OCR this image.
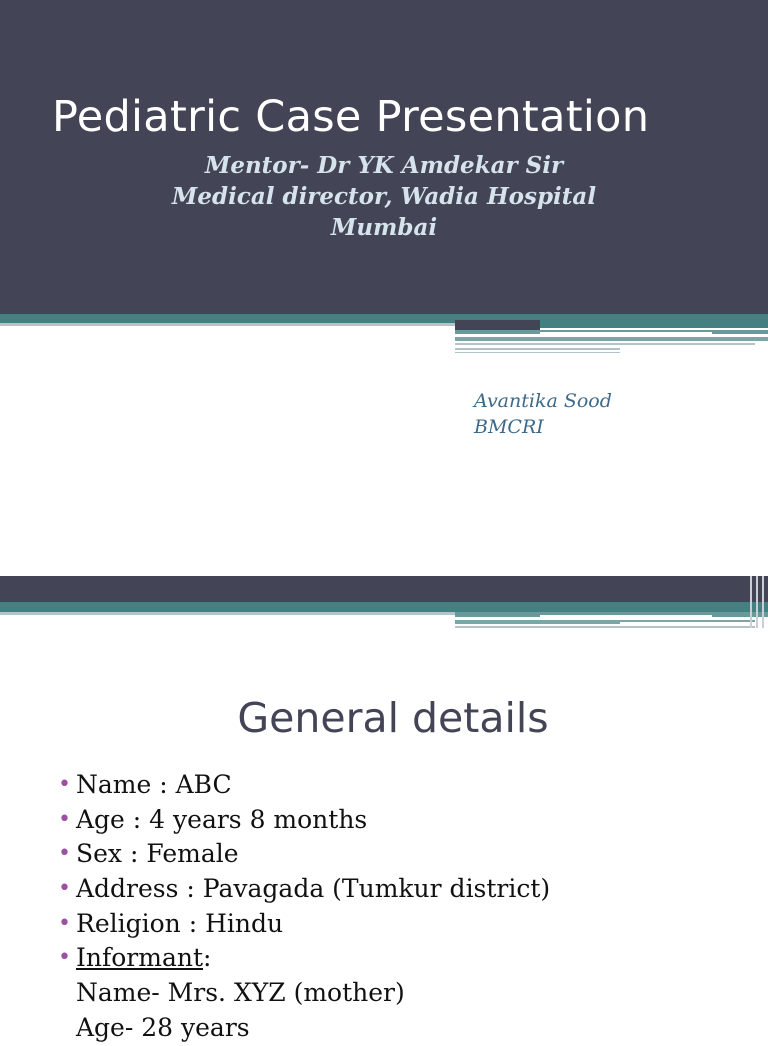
Pediatric Case Presentation
Mentor- Dr YK Amdekar Sir
Medical director, Wadia Hospital
Mumbai
Avantika Sood
BMCRI
General details
• Name : ABC
• Age : 4 years 8 months
• Sex : Female
• Address : Pavagada (Tumkur district)
• Religion : Hindu
• Informant:
Name- Mrs. XYZ (mother)
Age- 28 years
